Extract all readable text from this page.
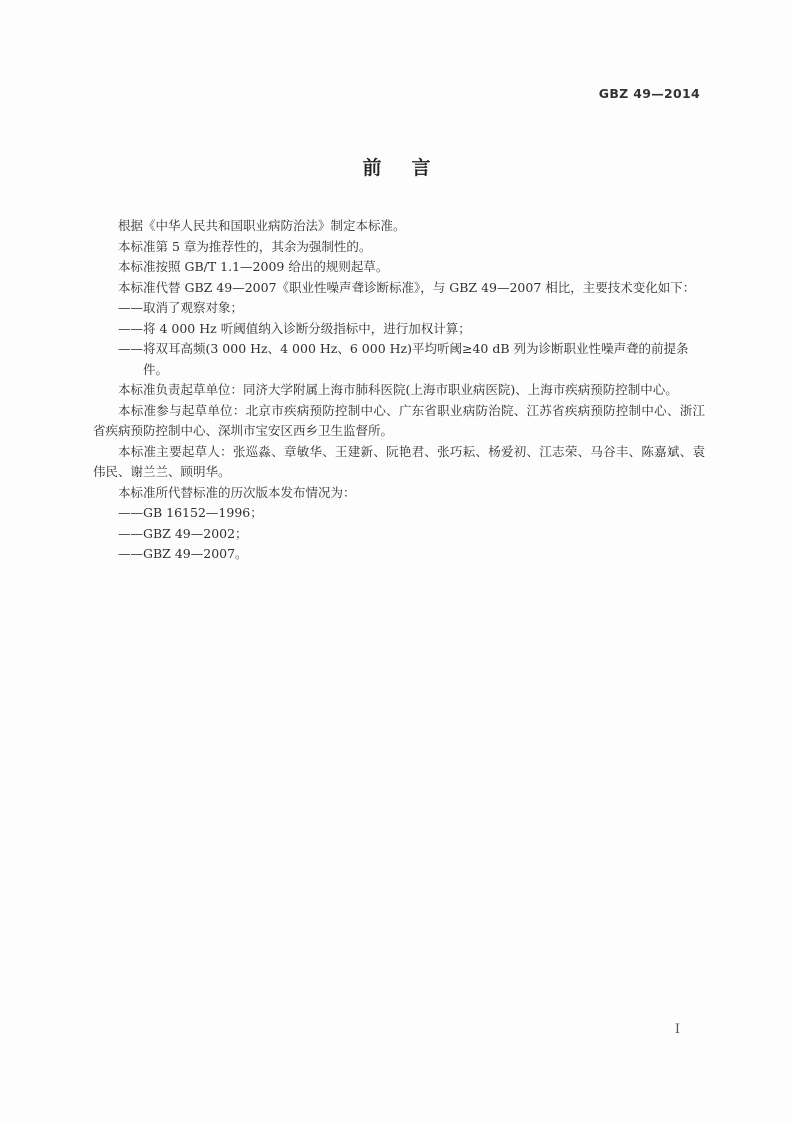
GBZ 49—2014
前言

根据《中华人民共和国职业病防治法》制定本标准。

本标准第 5 章为推荐性的，其余为强制性的。

本标准按照 GB/T 1.1—2009 给出的规则起草。

本标准代替 GBZ 49—2007《职业性噪声聋诊断标准》，与 GBZ 49—2007 相比，主要技术变化如下：

——取消了观察对象；

——将 4 000 Hz 听阈值纳入诊断分级指标中，进行加权计算；

——将双耳高频(3 000 Hz、4 000 Hz、6 000 Hz)平均听阈≥40 dB 列为诊断职业性噪声聋的前提条件。

本标准负责起草单位：同济大学附属上海市肺科医院(上海市职业病医院)、上海市疾病预防控制中心。

本标准参与起草单位：北京市疾病预防控制中心、广东省职业病防治院、江苏省疾病预防控制中心、浙江省疾病预防控制中心、深圳市宝安区西乡卫生监督所。

本标准主要起草人：张巡淼、章敏华、王建新、阮艳君、张巧耘、杨爱初、江志荣、马谷丰、陈嘉斌、袁伟民、谢兰兰、顾明华。

本标准所代替标准的历次版本发布情况为：

——GB 16152—1996；

——GBZ 49—2002；

——GBZ 49—2007。

I
